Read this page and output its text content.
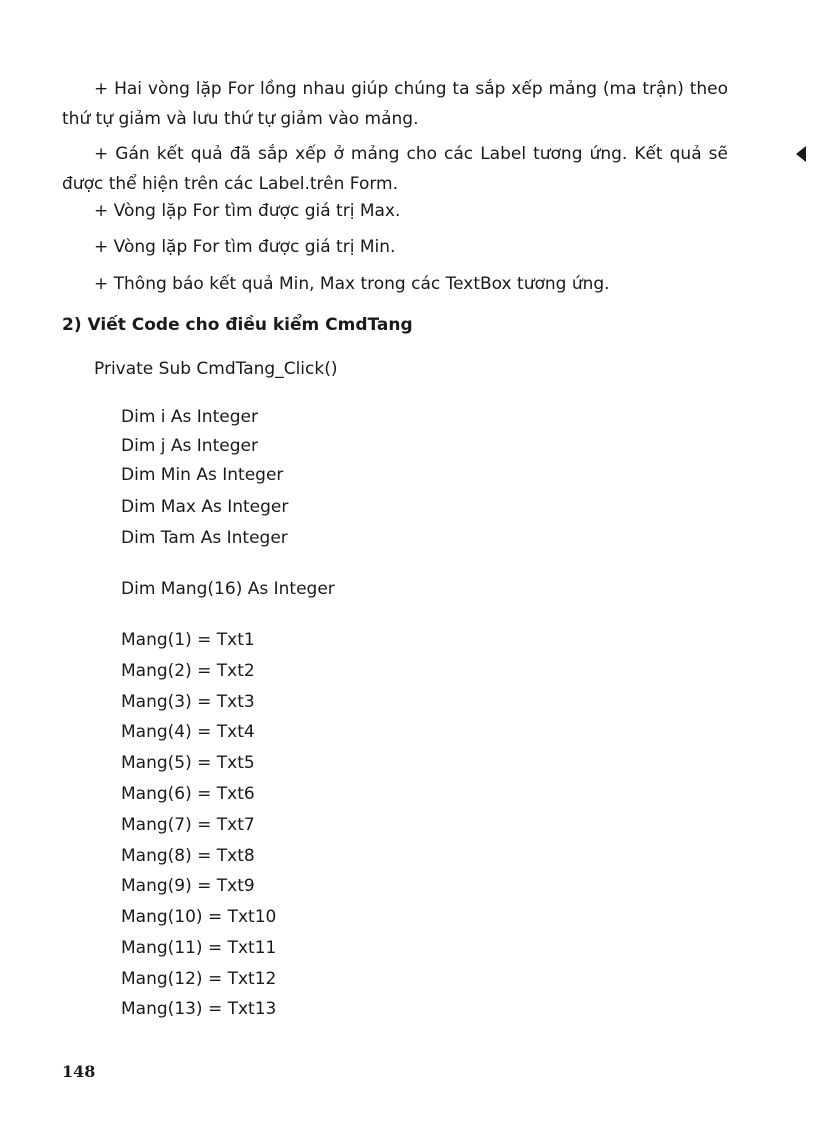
+ Hai vòng lặp For lồng nhau giúp chúng ta sắp xếp mảng (ma trận) theo thứ tự giảm và lưu thứ tự giảm vào mảng.
+ Gán kết quả đã sắp xếp ở mảng cho các Label tương ứng. Kết quả sẽ được thể hiện trên các Label.trên Form.
+ Vòng lặp For tìm được giá trị Max.
+ Vòng lặp For tìm được giá trị Min.
+ Thông báo kết quả Min, Max trong các TextBox tương ứng.
2) Viết Code cho điều kiểm CmdTang
Private Sub CmdTang_Click()
Dim i As Integer
Dim j As Integer
Dim Min As Integer
Dim Max As Integer
Dim Tam As Integer
Dim Mang(16) As Integer
Mang(1) = Txt1
Mang(2) = Txt2
Mang(3) = Txt3
Mang(4) = Txt4
Mang(5) = Txt5
Mang(6) = Txt6
Mang(7) = Txt7
Mang(8) = Txt8
Mang(9) = Txt9
Mang(10) = Txt10
Mang(11) = Txt11
Mang(12) = Txt12
Mang(13) = Txt13
148
